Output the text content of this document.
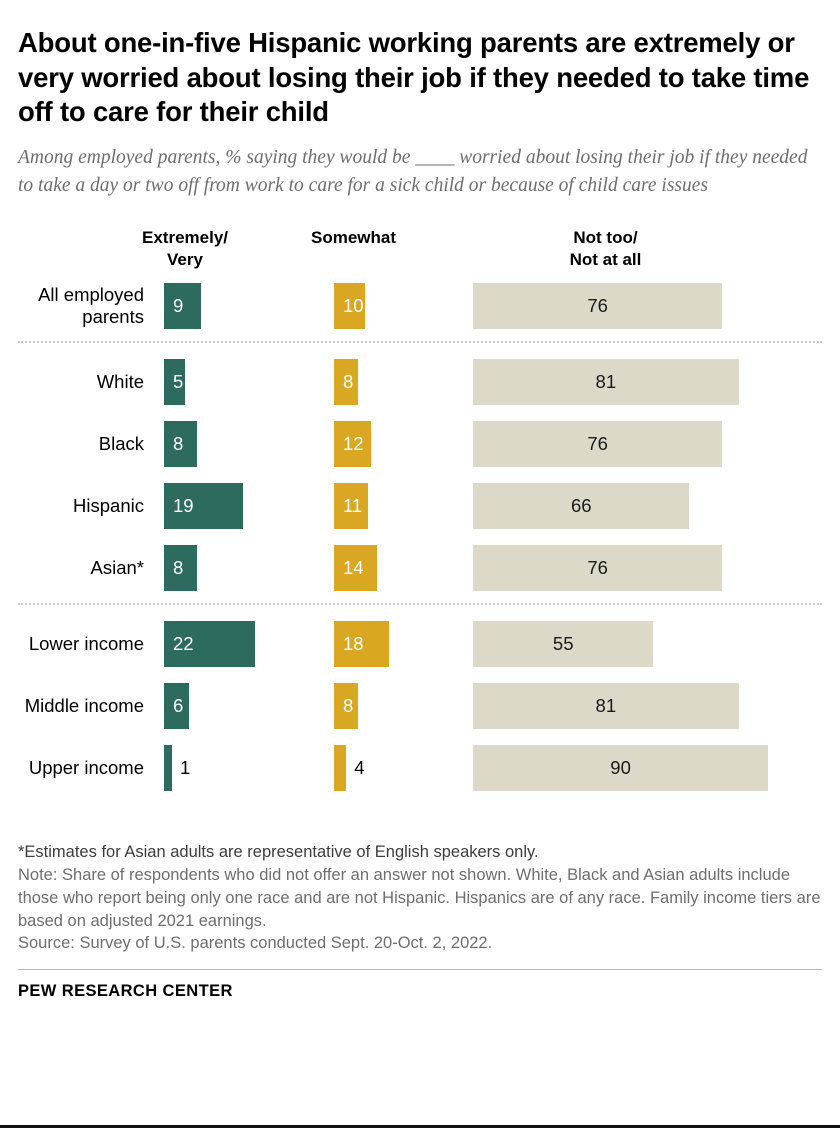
About one-in-five Hispanic working parents are extremely or very worried about losing their job if they needed to take time off to care for their child

Among employed parents, % saying they would be ____ worried about losing their job if they needed to take a day or two off from work to care for a sick child or because of child care issues

Extremely/
Very
Somewhat	Not too/
Not at all
All employed
parents
9	10	76
White 5	8	81
Black 8	12	76
Hispanic 19	11	66
Asian* 8	14	76
Lower income 22	18	55
Middle income 6	8	81
Upper income 1	4	90

*Estimates for Asian adults are representative of English speakers only.

Note: Share of respondents who did not offer an answer not shown. White, Black and Asian adults include those who report being only one race and are not Hispanic. Hispanics are of any race. Family income tiers are based on adjusted 2021 earnings.

Source: Survey of U.S. parents conducted Sept. 20-Oct. 2, 2022.

PEW RESEARCH CENTER
